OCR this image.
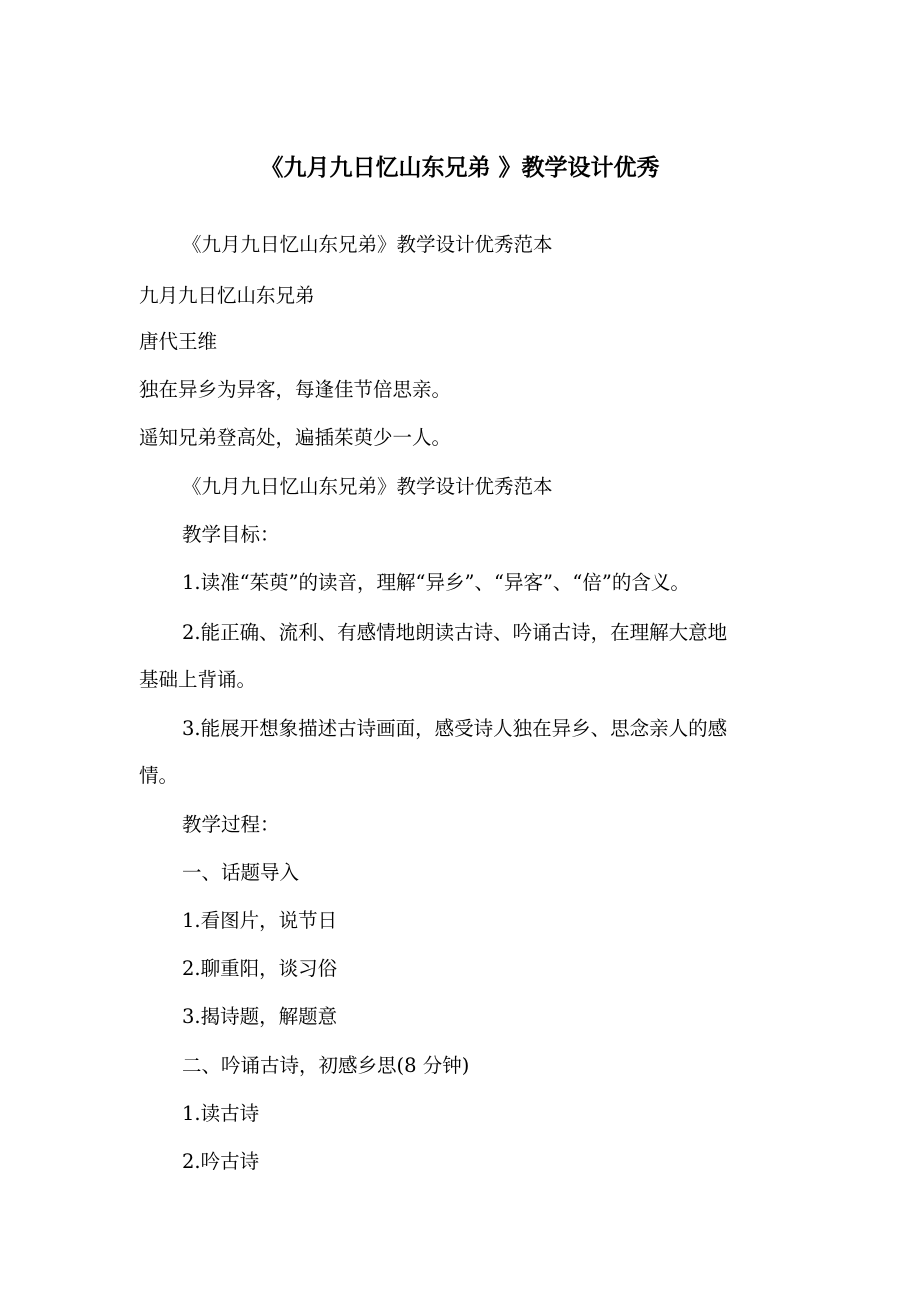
《九月九日忆山东兄弟 》教学设计优秀
《九月九日忆山东兄弟》教学设计优秀范本
九月九日忆山东兄弟
唐代王维
独在异乡为异客，每逢佳节倍思亲。
遥知兄弟登高处，遍插茱萸少一人。
《九月九日忆山东兄弟》教学设计优秀范本
教学目标：
1.读准“茱萸”的读音，理解“异乡”、“异客”、“倍”的含义。
2.能正确、流利、有感情地朗读古诗、吟诵古诗，在理解大意地
基础上背诵。
3.能展开想象描述古诗画面，感受诗人独在异乡、思念亲人的感
情。
教学过程：
一、话题导入
1.看图片，说节日
2.聊重阳，谈习俗
3.揭诗题，解题意
二、吟诵古诗，初感乡思(8 分钟)
1.读古诗
2.吟古诗
